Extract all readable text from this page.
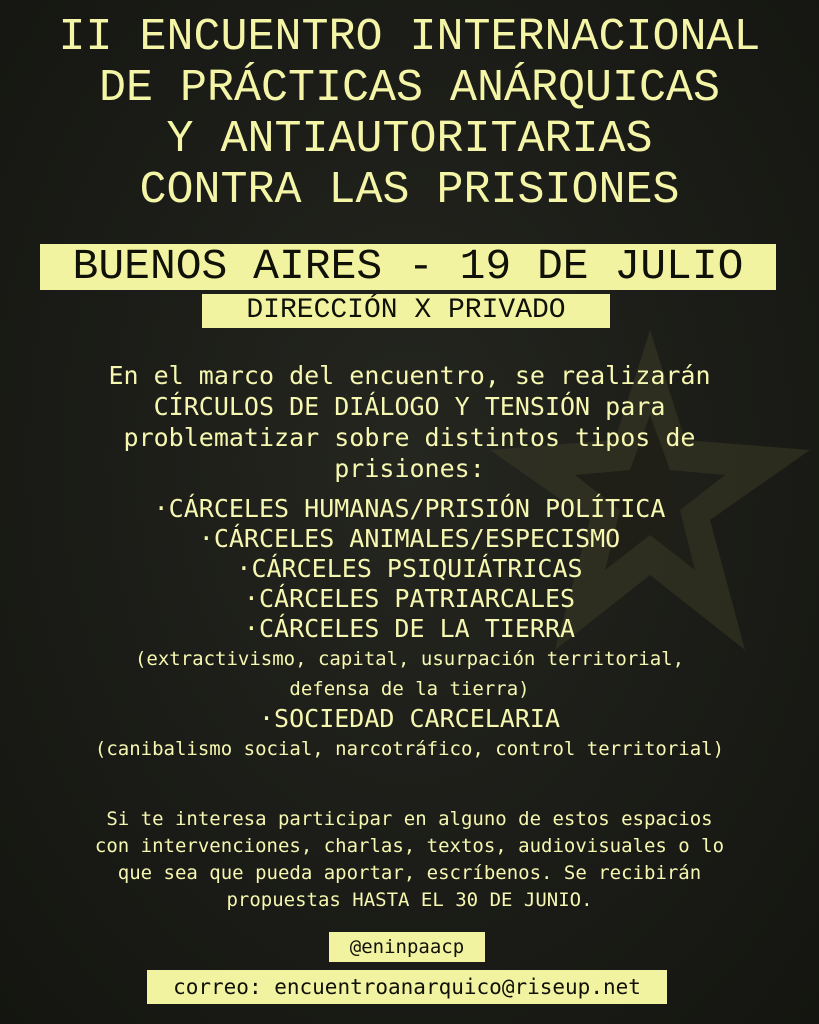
II ENCUENTRO INTERNACIONAL
DE PRÁCTICAS ANÁRQUICAS
Y ANTIAUTORITARIAS
CONTRA LAS PRISIONES
BUENOS AIRES - 19 DE JULIO
DIRECCIÓN X PRIVADO
En el marco del encuentro, se realizarán
CÍRCULOS DE DIÁLOGO Y TENSIÓN para
problematizar sobre distintos tipos de
prisiones:
·CÁRCELES HUMANAS/PRISIÓN POLÍTICA
·CÁRCELES ANIMALES/ESPECISMO
·CÁRCELES PSIQUIÁTRICAS
·CÁRCELES PATRIARCALES
·CÁRCELES DE LA TIERRA
(extractivismo, capital, usurpación territorial,
defensa de la tierra)
·SOCIEDAD CARCELARIA
(canibalismo social, narcotráfico, control territorial)
Si te interesa participar en alguno de estos espacios
con intervenciones, charlas, textos, audiovisuales o lo
que sea que pueda aportar, escríbenos. Se recibirán
propuestas HASTA EL 30 DE JUNIO.
@eninpaacp
correo: encuentroanarquico@riseup.net
